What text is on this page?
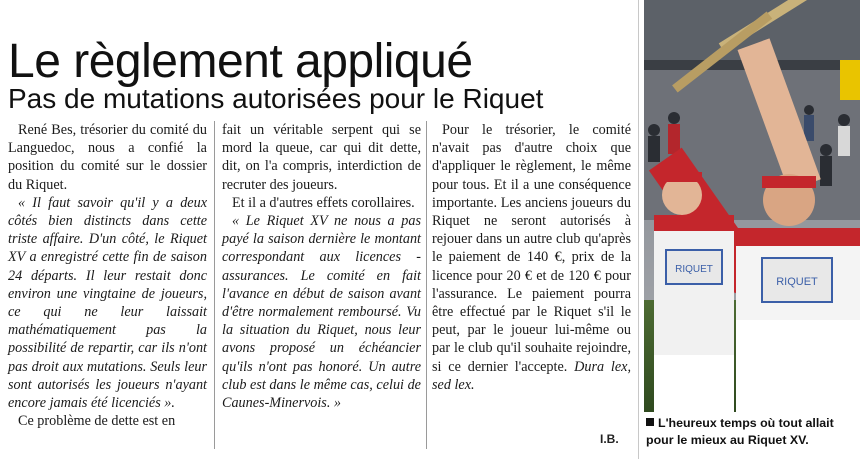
Le règlement appliqué
Pas de mutations autorisées pour le Riquet

René Bes, trésorier du comité du Languedoc, nous a confié la position du comité sur le dossier du Riquet.

« Il faut savoir qu'il y a deux côtés bien distincts dans cette triste affaire. D'un côté, le Riquet XV a enregistré cette fin de saison 24 départs. Il leur restait donc environ une vingtaine de joueurs, ce qui ne leur laissait mathématiquement pas la possibilité de repartir, car ils n'ont pas droit aux mutations. Seuls leur sont autorisés les joueurs n'ayant encore jamais été licenciés ».

Ce problème de dette est en

fait un véritable serpent qui se mord la queue, car qui dit dette, dit, on l'a compris, interdiction de recruter des joueurs.

Et il a d'autres effets corollaires.

« Le Riquet XV ne nous a pas payé la saison dernière le montant correspondant aux licences - assurances. Le comité en fait l'avance en début de saison avant d'être normalement remboursé. Vu la situation du Riquet, nous leur avons proposé un échéancier qu'ils n'ont pas honoré. Un autre club est dans le même cas, celui de Caunes-Minervois. »

Pour le trésorier, le comité n'avait pas d'autre choix que d'appliquer le règlement, le même pour tous. Et il a une conséquence importante. Les anciens joueurs du Riquet ne seront autorisés à rejouer dans un autre club qu'après le paiement de 140 €, prix de la licence pour 20 € et de 120 € pour l'assurance. Le paiement pourra être effectué par le Riquet s'il le peut, par le joueur lui-même ou par le club qu'il souhaite rejoindre, si ce dernier l'accepte. Dura lex, sed lex.

I.B.
RIQUET
RIQUET
L'heureux temps où tout allait pour le mieux au Riquet XV.
